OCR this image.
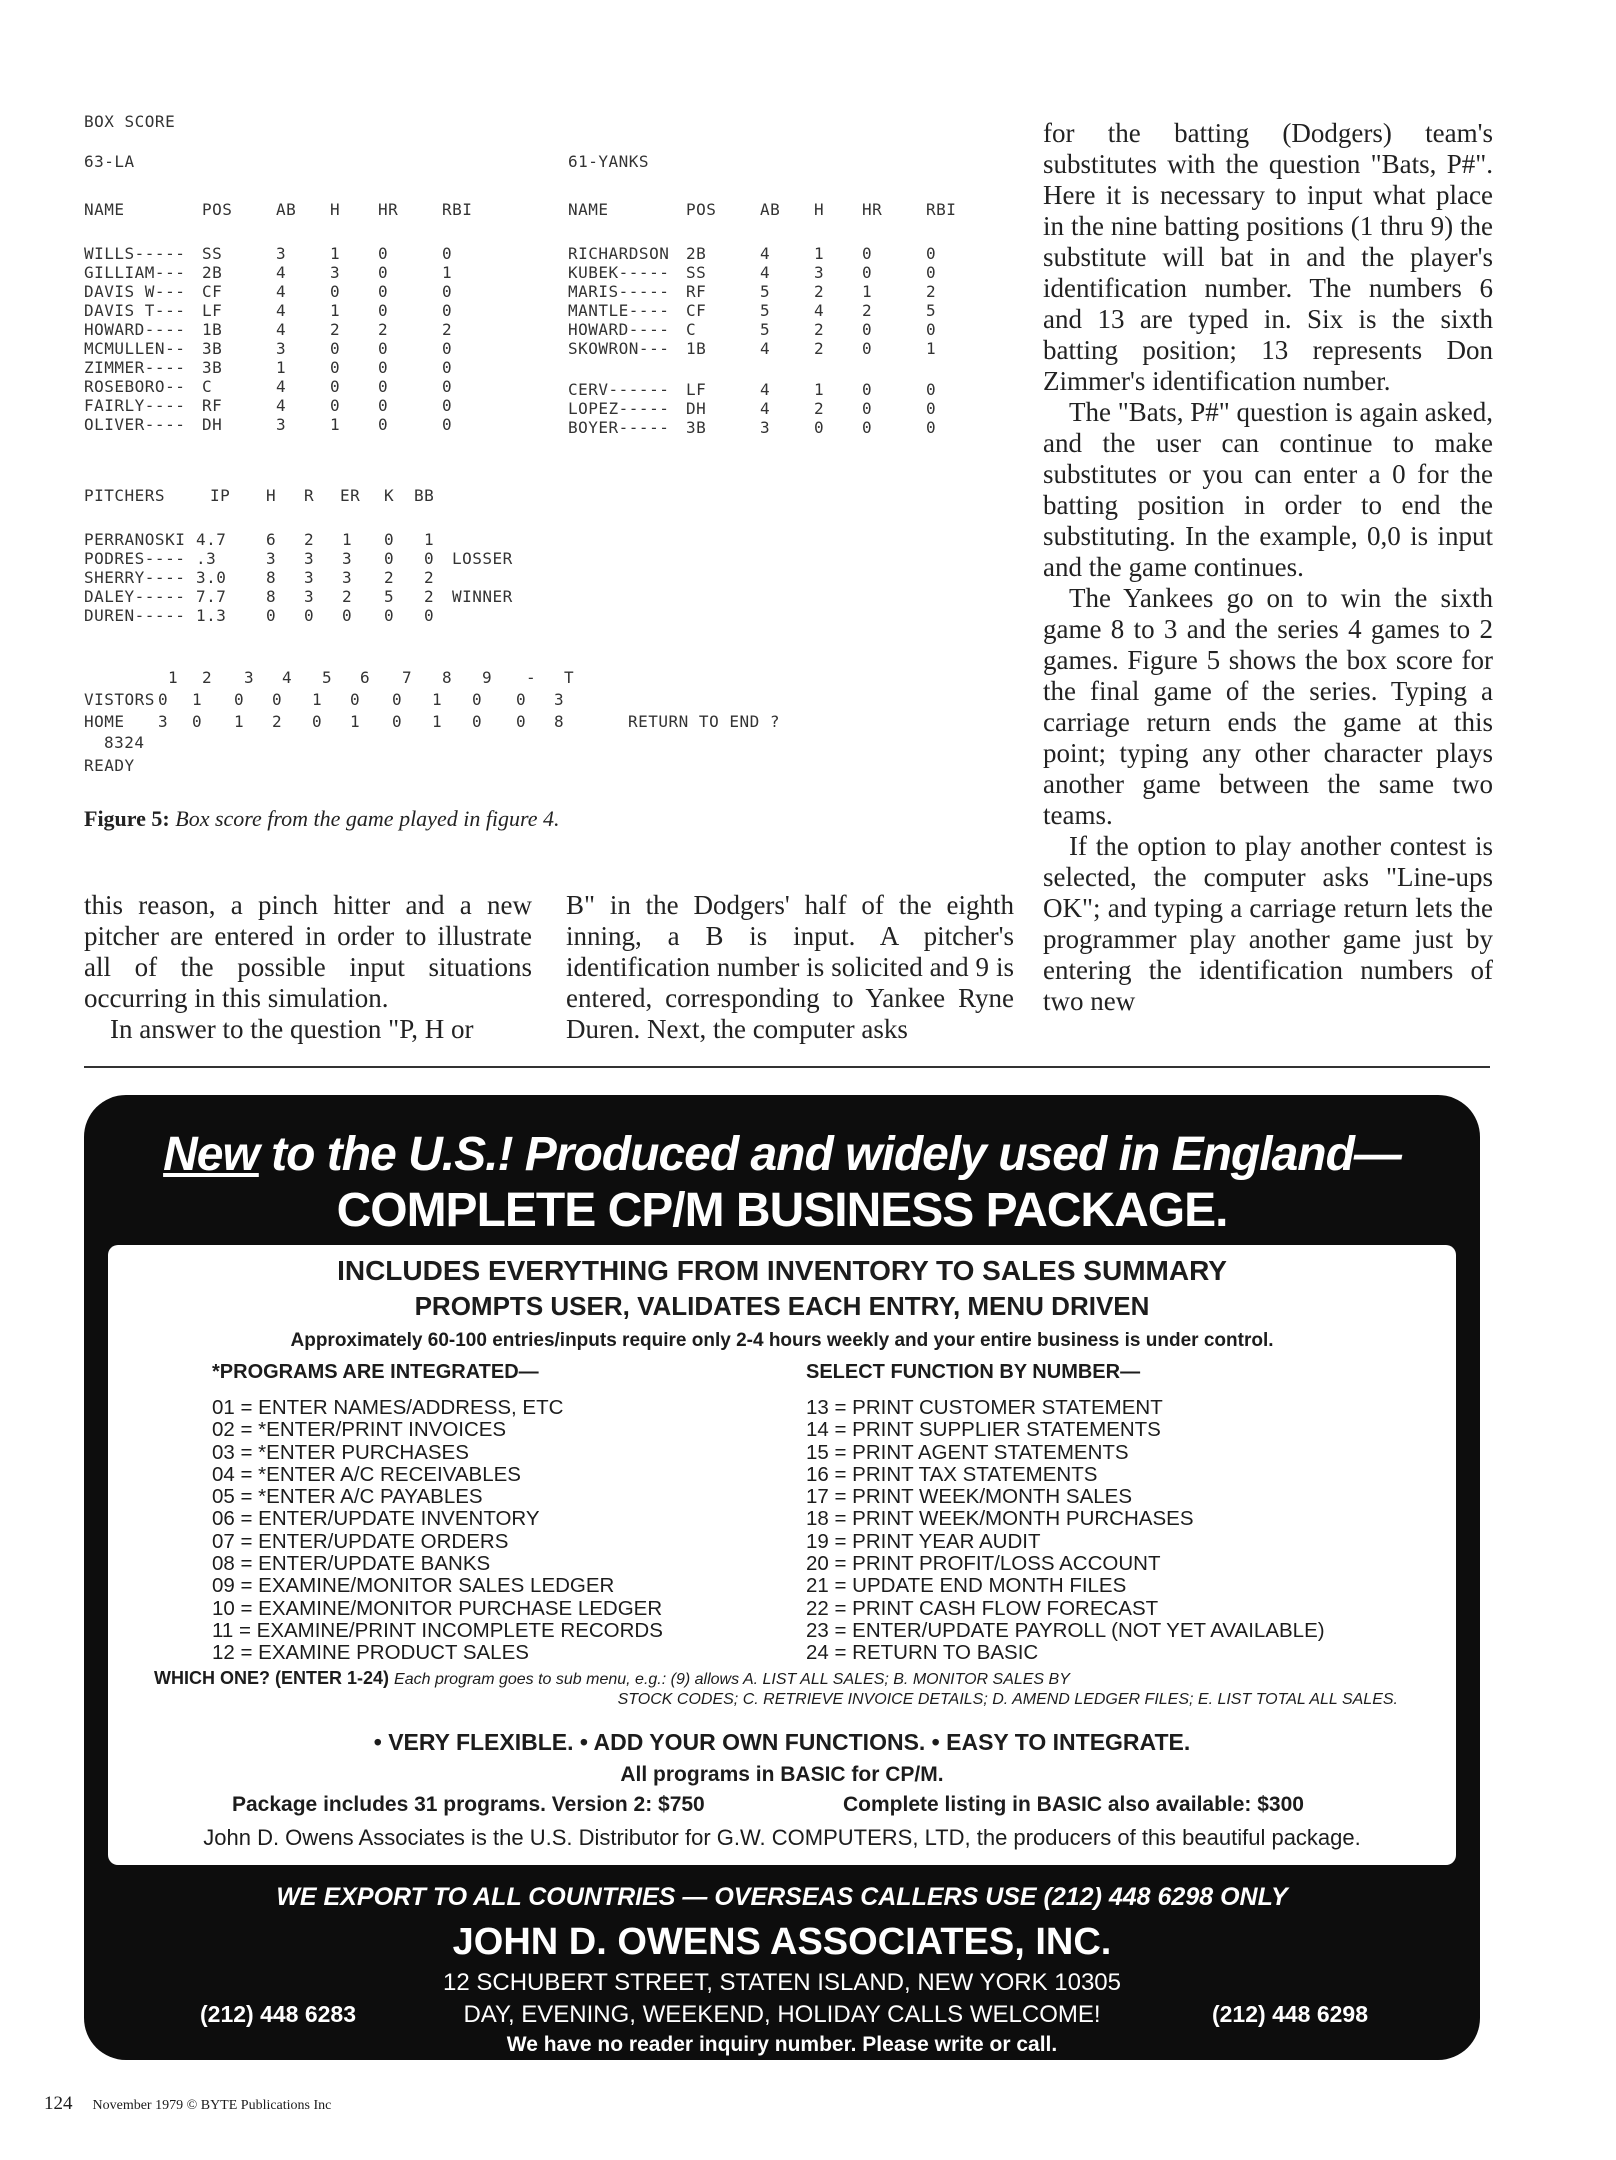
BOX SCORE
63-LA	61-YANKS
NAME	POS	AB H HR	RBI
WILLS----- SS	3	1 0	0
GILLIAM--- 2B	4	3 0	1
DAVIS W--- CF	4	0 0	0
DAVIS T--- LF	4	1 0	0
HOWARD---- 1B	4	2 2	2
MCMULLEN-- 3B	3	0 0	0
ZIMMER---- 3B	1	0 0	0
ROSEBORO-- C	4	0 0	0
FAIRLY---- RF	4	0 0	0
OLIVER---- DH	3	1 0	0
NAME	POS	AB H HR	RBI
RICHARDSON 2B	4	1 0	0
KUBEK----- SS	4	3 0	0
MARIS----- RF	5	2 1	2
MANTLE---- CF	5	4 2	5
HOWARD---- C	5	2 0	0
SKOWRON--- 1B	4	2 0	1
CERV------ LF	4	1 0	0
LOPEZ----- DH	4	2 0	0
BOYER----- 3B	3	0 0	0
PITCHERS	IP H R ER K BB
PERRANOSKI 4.7 6 2 1 0 1
PODRES---- .3	3 3 3 0 0 LOSSER
SHERRY---- 3.0 8 3 3 2 2
DALEY----- 7.7 8 3 2 5 2 WINNER
DUREN----- 1.3 0 0 0 0 0
1 2 3 4 5 6 7 8 9 - T
VISTORS 0 1 0 0 1 0 0 1 0 0 3
HOME 3 0 1 2 0 1 0 1 0 0 8	RETURN TO END ?
8324
READY
Figure 5: Box score from the game played in figure 4.

this reason, a pinch hitter and a new pitcher are entered in order to illustrate all of the possible input situations occurring in this simulation.

In answer to the question "P, H or

B" in the Dodgers' half of the eighth inning, a B is input. A pitcher's identification number is solicited and 9 is entered, corresponding to Yankee Ryne Duren. Next, the computer asks

for the batting (Dodgers) team's substitutes with the question "Bats, P#". Here it is necessary to input what place in the nine batting positions (1 thru 9) the substitute will bat in and the player's identification number. The numbers 6 and 13 are typed in. Six is the sixth batting position; 13 represents Don Zimmer's identification number.

The "Bats, P#" question is again asked, and the user can continue to make substitutes or you can enter a 0 for the batting position in order to end the substituting. In the example, 0,0 is input and the game continues.

The Yankees go on to win the sixth game 8 to 3 and the series 4 games to 2 games. Figure 5 shows the box score for the final game of the series. Typing a carriage return ends the game at this point; typing any other character plays another game between the same two teams.

If the option to play another contest is selected, the computer asks "Line-ups OK"; and typing a carriage return lets the programmer play another game just by entering the identification numbers of two new

New to the U.S.! Produced and widely used in England—
COMPLETE CP/M BUSINESS PACKAGE.
INCLUDES EVERYTHING FROM INVENTORY TO SALES SUMMARY
PROMPTS USER, VALIDATES EACH ENTRY, MENU DRIVEN
Approximately 60-100 entries/inputs require only 2-4 hours weekly and your entire business is under control.
*PROGRAMS ARE INTEGRATED—	SELECT FUNCTION BY NUMBER—
01 = ENTER NAMES/ADDRESS, ETC
02 = *ENTER/PRINT INVOICES
03 = *ENTER PURCHASES
04 = *ENTER A/C RECEIVABLES
05 = *ENTER A/C PAYABLES
06 = ENTER/UPDATE INVENTORY
07 = ENTER/UPDATE ORDERS
08 = ENTER/UPDATE BANKS
09 = EXAMINE/MONITOR SALES LEDGER
10 = EXAMINE/MONITOR PURCHASE LEDGER
11 = EXAMINE/PRINT INCOMPLETE RECORDS
12 = EXAMINE PRODUCT SALES
13 = PRINT CUSTOMER STATEMENT
14 = PRINT SUPPLIER STATEMENTS
15 = PRINT AGENT STATEMENTS
16 = PRINT TAX STATEMENTS
17 = PRINT WEEK/MONTH SALES
18 = PRINT WEEK/MONTH PURCHASES
19 = PRINT YEAR AUDIT
20 = PRINT PROFIT/LOSS ACCOUNT
21 = UPDATE END MONTH FILES
22 = PRINT CASH FLOW FORECAST
23 = ENTER/UPDATE PAYROLL (NOT YET AVAILABLE)
24 = RETURN TO BASIC
WHICH ONE? (ENTER 1-24) Each program goes to sub menu, e.g.: (9) allows A. LIST ALL SALES; B. MONITOR SALES BY
STOCK CODES; C. RETRIEVE INVOICE DETAILS; D. AMEND LEDGER FILES; E. LIST TOTAL ALL SALES.
• VERY FLEXIBLE. • ADD YOUR OWN FUNCTIONS. • EASY TO INTEGRATE.
All programs in BASIC for CP/M.
Package includes 31 programs. Version 2: $750	Complete listing in BASIC also available: $300
John D. Owens Associates is the U.S. Distributor for G.W. COMPUTERS, LTD, the producers of this beautiful package.
WE EXPORT TO ALL COUNTRIES — OVERSEAS CALLERS USE (212) 448 6298 ONLY
JOHN D. OWENS ASSOCIATES, INC.
12 SCHUBERT STREET, STATEN ISLAND, NEW YORK 10305
(212) 448 6283	DAY, EVENING, WEEKEND, HOLIDAY CALLS WELCOME!	(212) 448 6298
We have no reader inquiry number. Please write or call.
124 November 1979 © BYTE Publications Inc
